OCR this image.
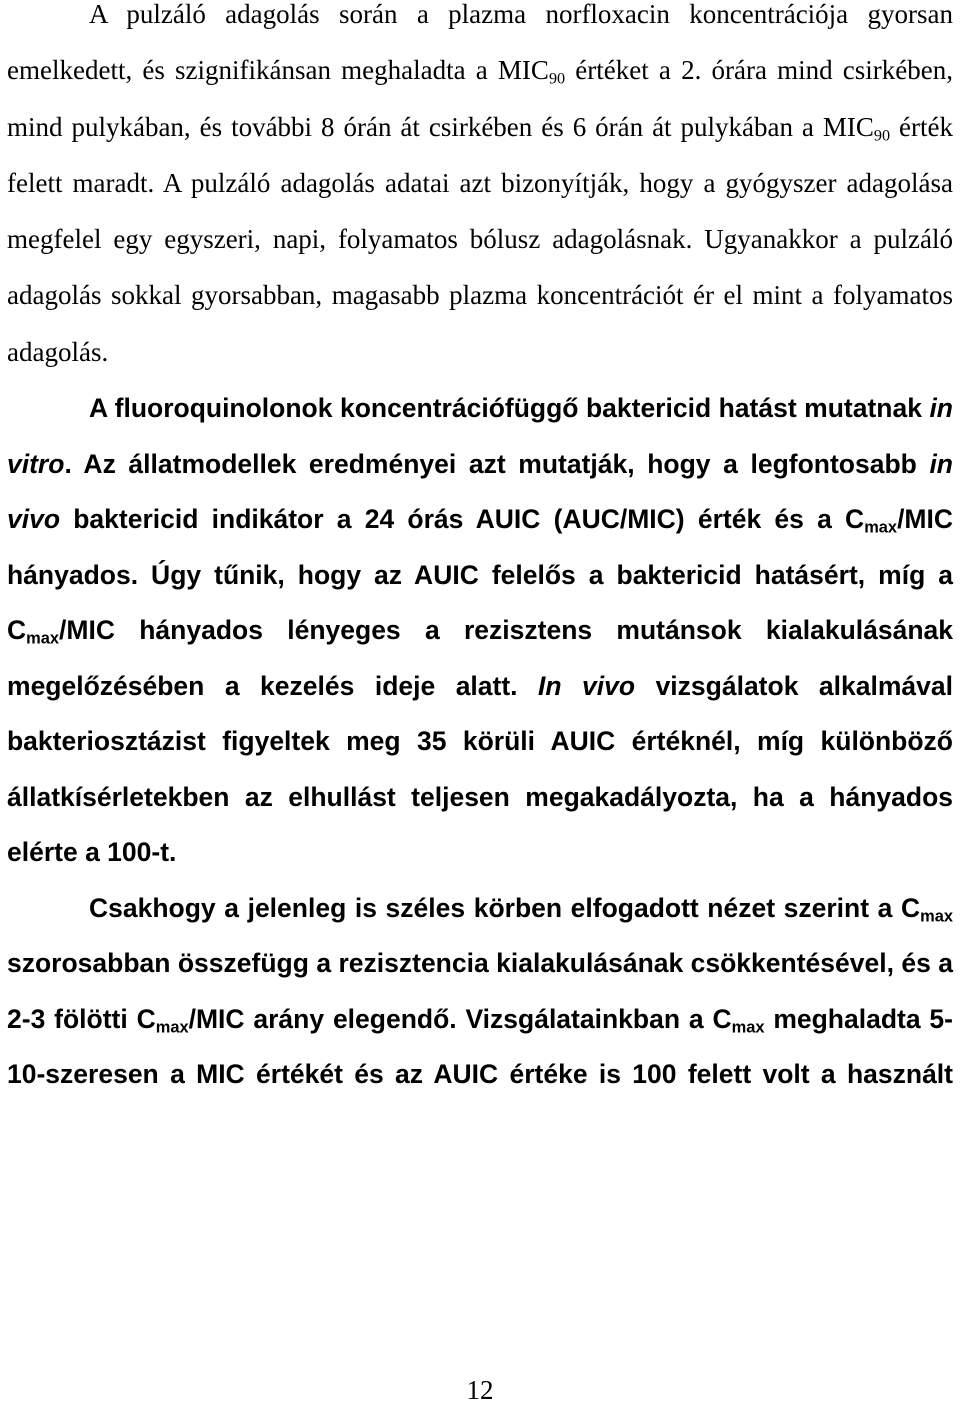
A pulzáló adagolás során a plazma norfloxacin koncentrációja gyorsan emelkedett, és szignifikánsan meghaladta a $MIC_{90}$ értéket a 2. órára mind csirkében, mind pulykában, és további 8 órán át csirkében és 6 órán át pulykában a $MIC_{90}$ érték felett maradt. A pulzáló adagolás adatai azt bizonyítják, hogy a gyógyszer adagolása megfelel egy egyszeri, napi, folyamatos bólusz adagolásnak. Ugyanakkor a pulzáló adagolás sokkal gyorsabban, magasabb plazma koncentrációt ér el mint a folyamatos adagolás.

A fluoroquinolonok koncentrációfüggő baktericid hatást mutatnak in vitro. Az állatmodellek eredményei azt mutatják, hogy a legfontosabb in vivo baktericid indikátor a 24 órás AUIC (AUC/MIC) érték és a $C_{max}$/MIC hányados. Úgy tűnik, hogy az AUIC felelős a baktericid hatásért, míg a $C_{max}$/MIC hányados lényeges a rezisztens mutánsok kialakulásának megelőzésében a kezelés ideje alatt. In vivo vizsgálatok alkalmával bakteriosztázist figyeltek meg 35 körüli AUIC értéknél, míg különböző állatkísérletekben az elhullást teljesen megakadályozta, ha a hányados elérte a 100-t.

Csakhogy a jelenleg is széles körben elfogadott nézet szerint a $C_{max}$ szorosabban összefügg a rezisztencia kialakulásának csökkentésével, és a 2-3 fölötti $C_{max}$/MIC arány elegendő. Vizsgálatainkban a $C_{max}$ meghaladta 5-10-szeresen a MIC értékét és az AUIC értéke is 100 felett volt a használt

12
